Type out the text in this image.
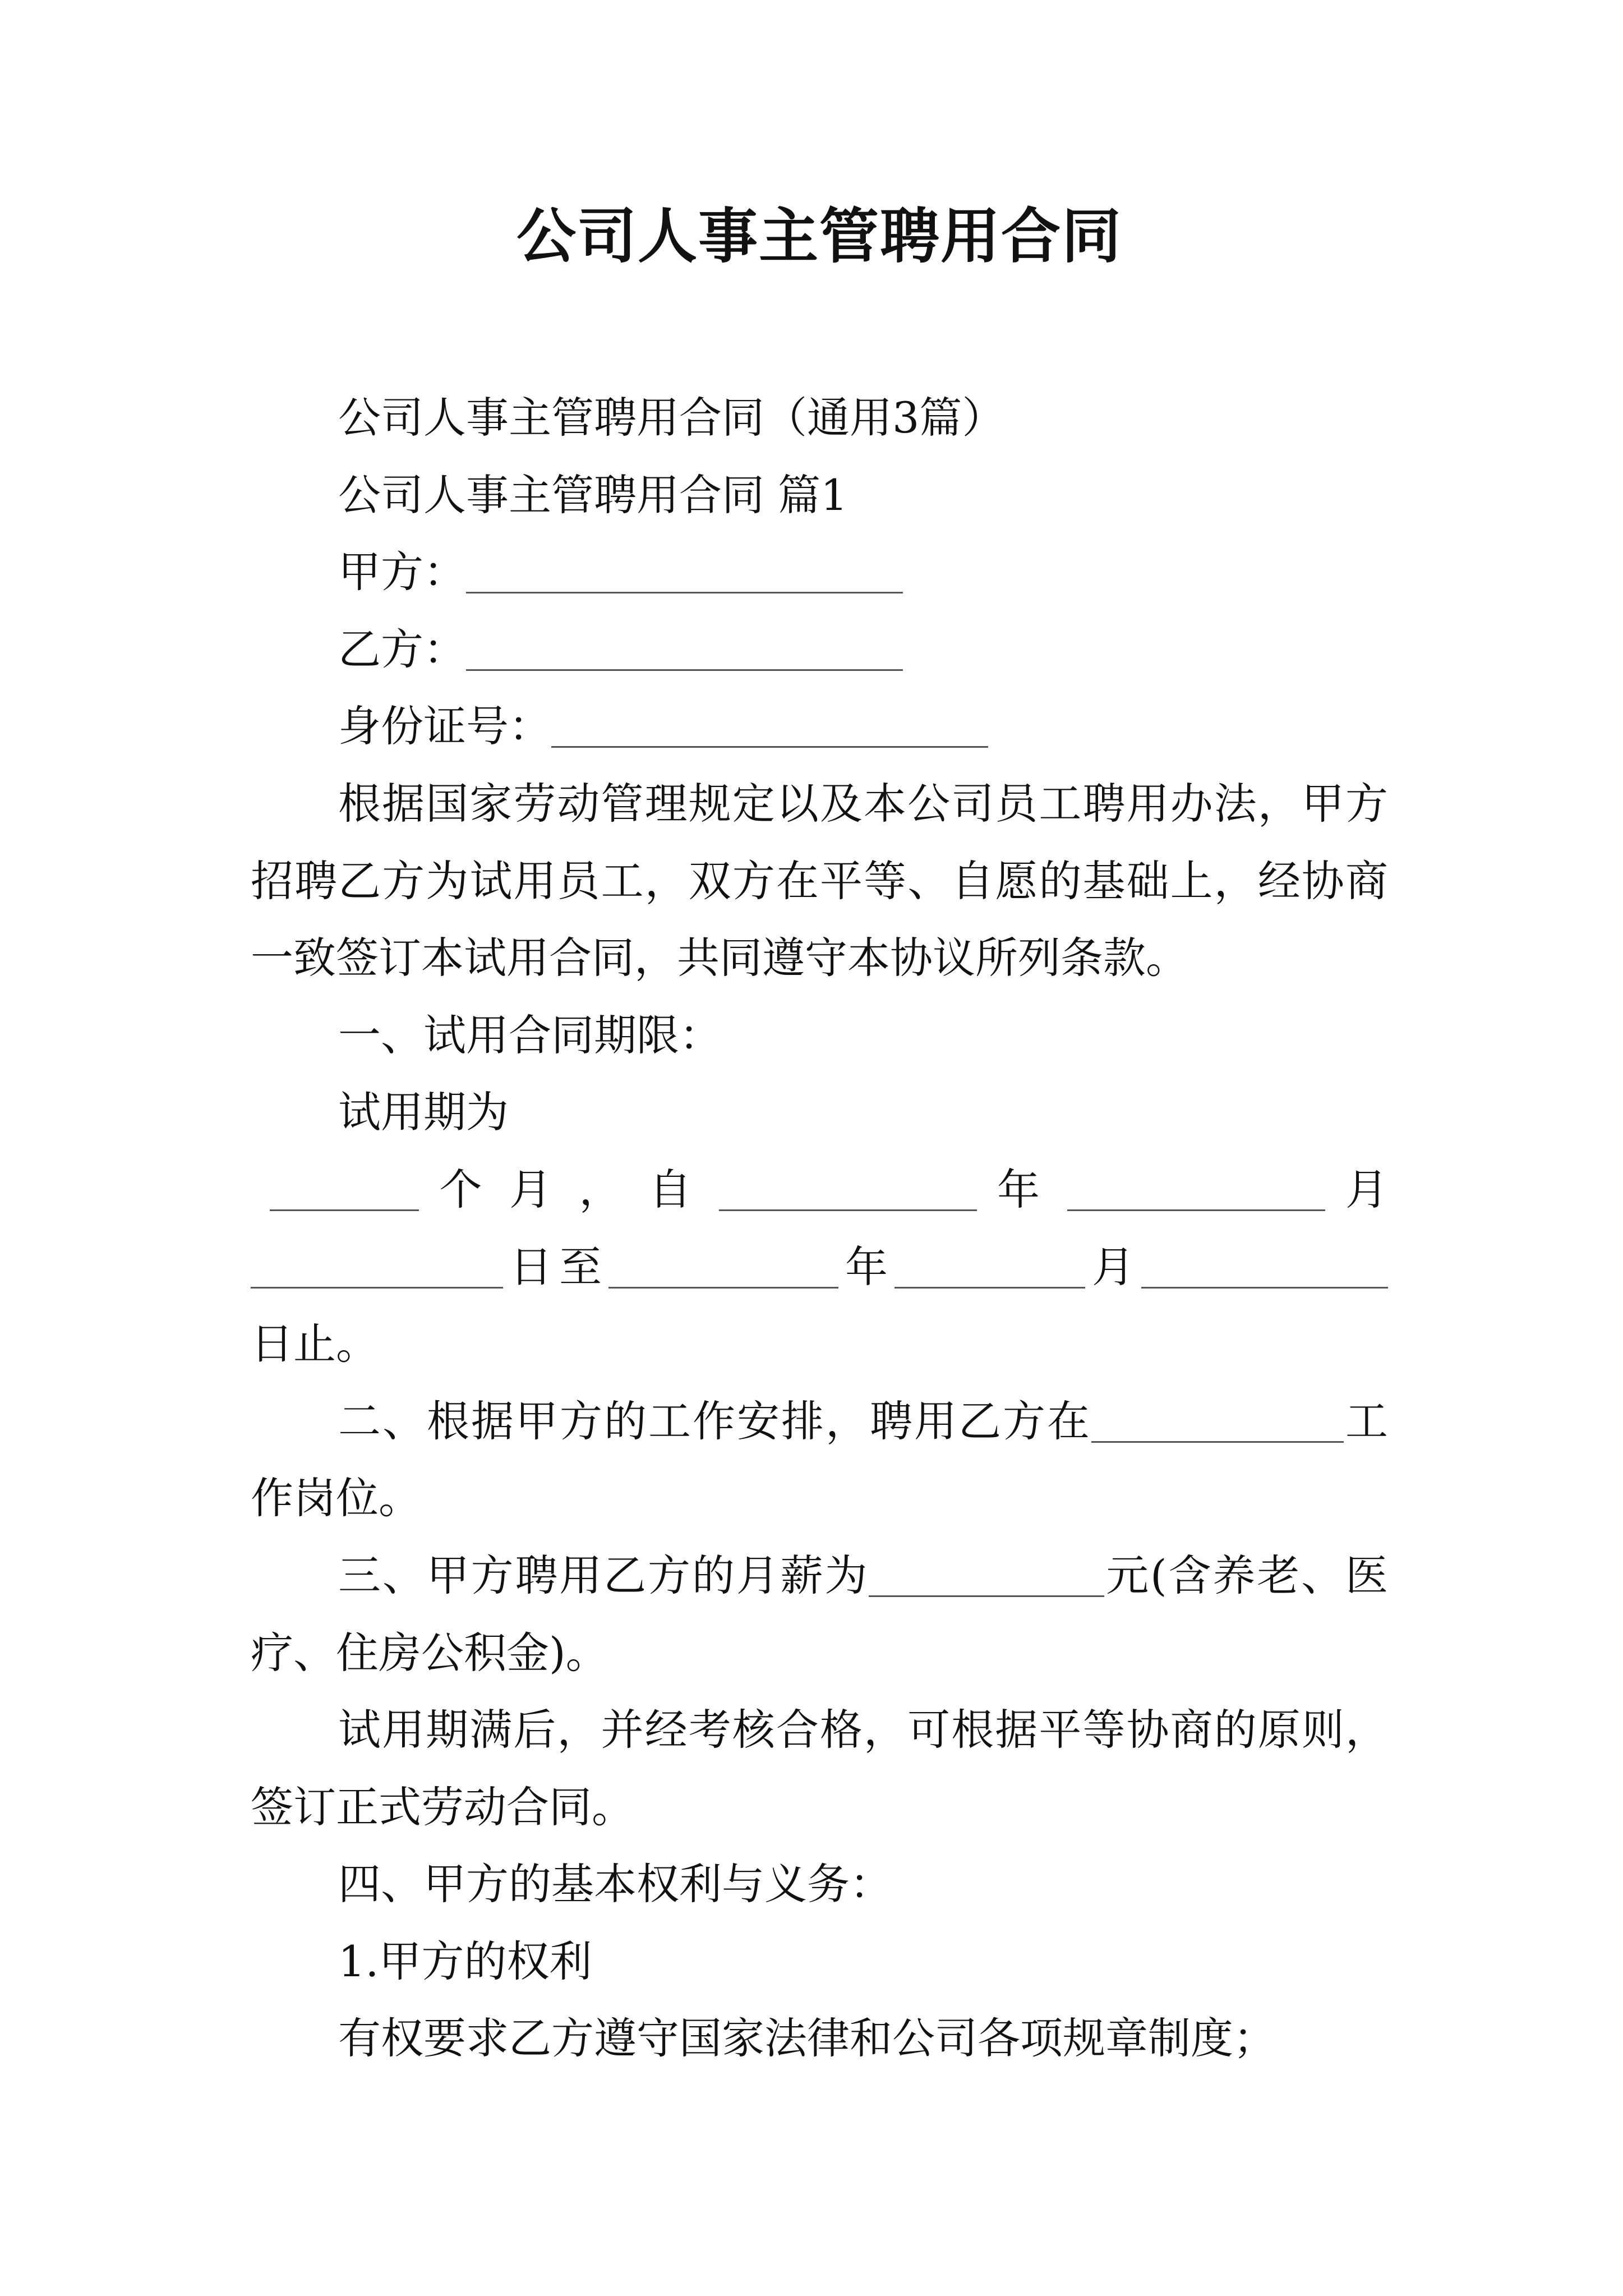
公司人事主管聘用合同
公司人事主管聘用合同（通用3篇）
公司人事主管聘用合同 篇1
甲方：
乙方：
身份证号：
根据国家劳动管理规定以及本公司员工聘用办法，甲方
招聘乙方为试用员工，双方在平等、自愿的基础上，经协商
一致签订本试用合同，共同遵守本协议所列条款。
一、试用合同期限：
试用期为
个 月 ， 自	年	月
日至	年	月
日止。
二、根据甲方的工作安排，聘用乙方在	工
作岗位。
三、甲方聘用乙方的月薪为	元(含养老、医
疗、住房公积金)。
试用期满后，并经考核合格，可根据平等协商的原则，
签订正式劳动合同。
四、甲方的基本权利与义务：
1.甲方的权利
有权要求乙方遵守国家法律和公司各项规章制度；
